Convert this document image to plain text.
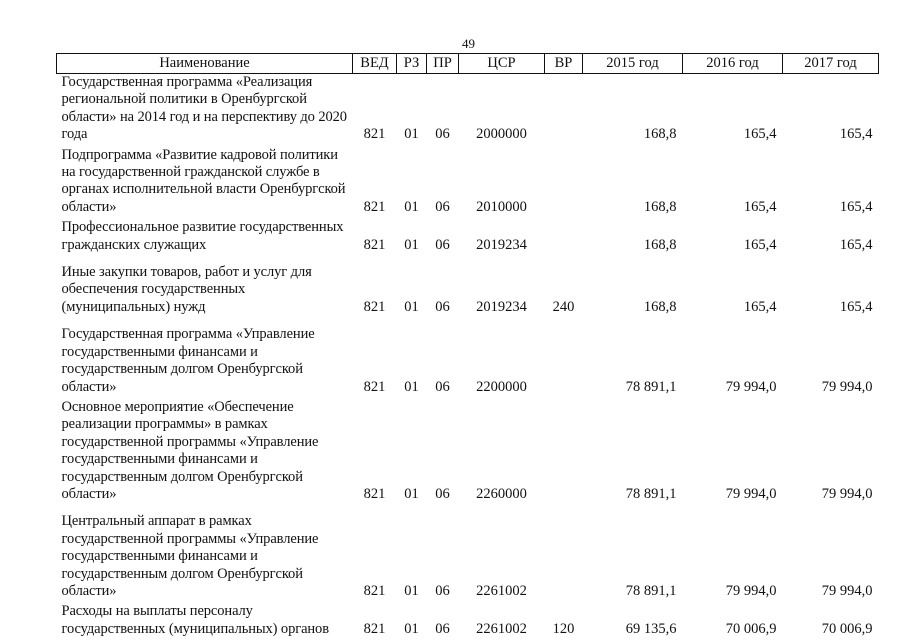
49
Наименование	ВЕД	РЗ	ПР	ЦСР	ВР	2015 год	2016 год	2017 год
Государственная программа «Реализация региональной политики в Оренбургской области» на 2014 год и на перспективу до 2020 года	821	01	06	2000000		168,8	165,4	165,4
Подпрограмма «Развитие кадровой политики на государственной гражданской службе в органах исполнительной власти Оренбургской области»	821	01	06	2010000		168,8	165,4	165,4
Профессиональное развитие государственных гражданских служащих	821	01	06	2019234		168,8	165,4	165,4
Иные закупки товаров, работ и услуг для обеспечения государственных (муниципальных) нужд	821	01	06	2019234	240	168,8	165,4	165,4
Государственная программа «Управление государственными финансами и государственным долгом Оренбургской области»	821	01	06	2200000		78 891,1	79 994,0	79 994,0
Основное мероприятие «Обеспечение реализации программы» в рамках государственной программы «Управление государственными финансами и государственным долгом Оренбургской области»	821	01	06	2260000		78 891,1	79 994,0	79 994,0
Центральный аппарат в рамках государственной программы «Управление государственными финансами и государственным долгом Оренбургской области»	821	01	06	2261002		78 891,1	79 994,0	79 994,0
Расходы на выплаты персоналу государственных (муниципальных) органов	821	01	06	2261002	120	69 135,6	70 006,9	70 006,9
